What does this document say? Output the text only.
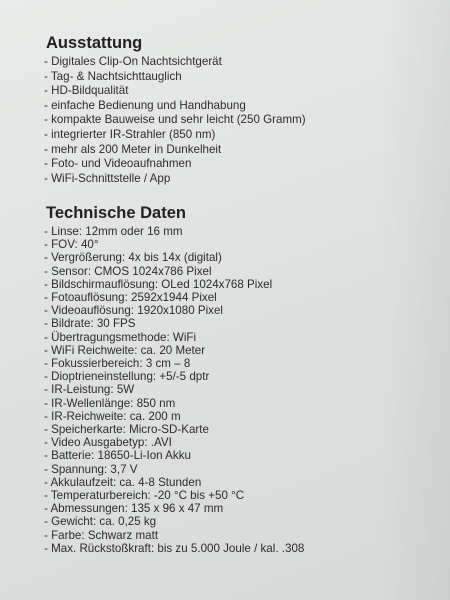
Ausstattung
- Digitales Clip-On Nachtsichtgerät
- Tag- & Nachtsichttauglich
- HD-Bildqualität
- einfache Bedienung und Handhabung
- kompakte Bauweise und sehr leicht (250 Gramm)
- integrierter IR-Strahler (850 nm)
- mehr als 200 Meter in Dunkelheit
- Foto- und Videoaufnahmen
- WiFi-Schnittstelle / App
Technische Daten
- Linse: 12mm oder 16 mm
- FOV: 40°
- Vergrößerung: 4x bis 14x (digital)
- Sensor: CMOS 1024x786 Pixel
- Bildschirmauflösung: OLed 1024x768 Pixel
- Fotoauflösung: 2592x1944 Pixel
- Videoauflösung: 1920x1080 Pixel
- Bildrate: 30 FPS
- Übertragungsmethode: WiFi
- WiFi Reichweite: ca. 20 Meter
- Fokussierbereich: 3 cm – 8
- Dioptrieneinstellung: +5/-5 dptr
- IR-Leistung: 5W
- IR-Wellenlänge: 850 nm
- IR-Reichweite: ca. 200 m
- Speicherkarte: Micro-SD-Karte
- Video Ausgabetyp: .AVI
- Batterie: 18650-Li-Ion Akku
- Spannung: 3,7 V
- Akkulaufzeit: ca. 4-8 Stunden
- Temperaturbereich: -20 °C bis +50 °C
- Abmessungen: 135 x 96 x 47 mm
- Gewicht: ca. 0,25 kg
- Farbe: Schwarz matt
- Max. Rückstoßkraft: bis zu 5.000 Joule / kal. .308
